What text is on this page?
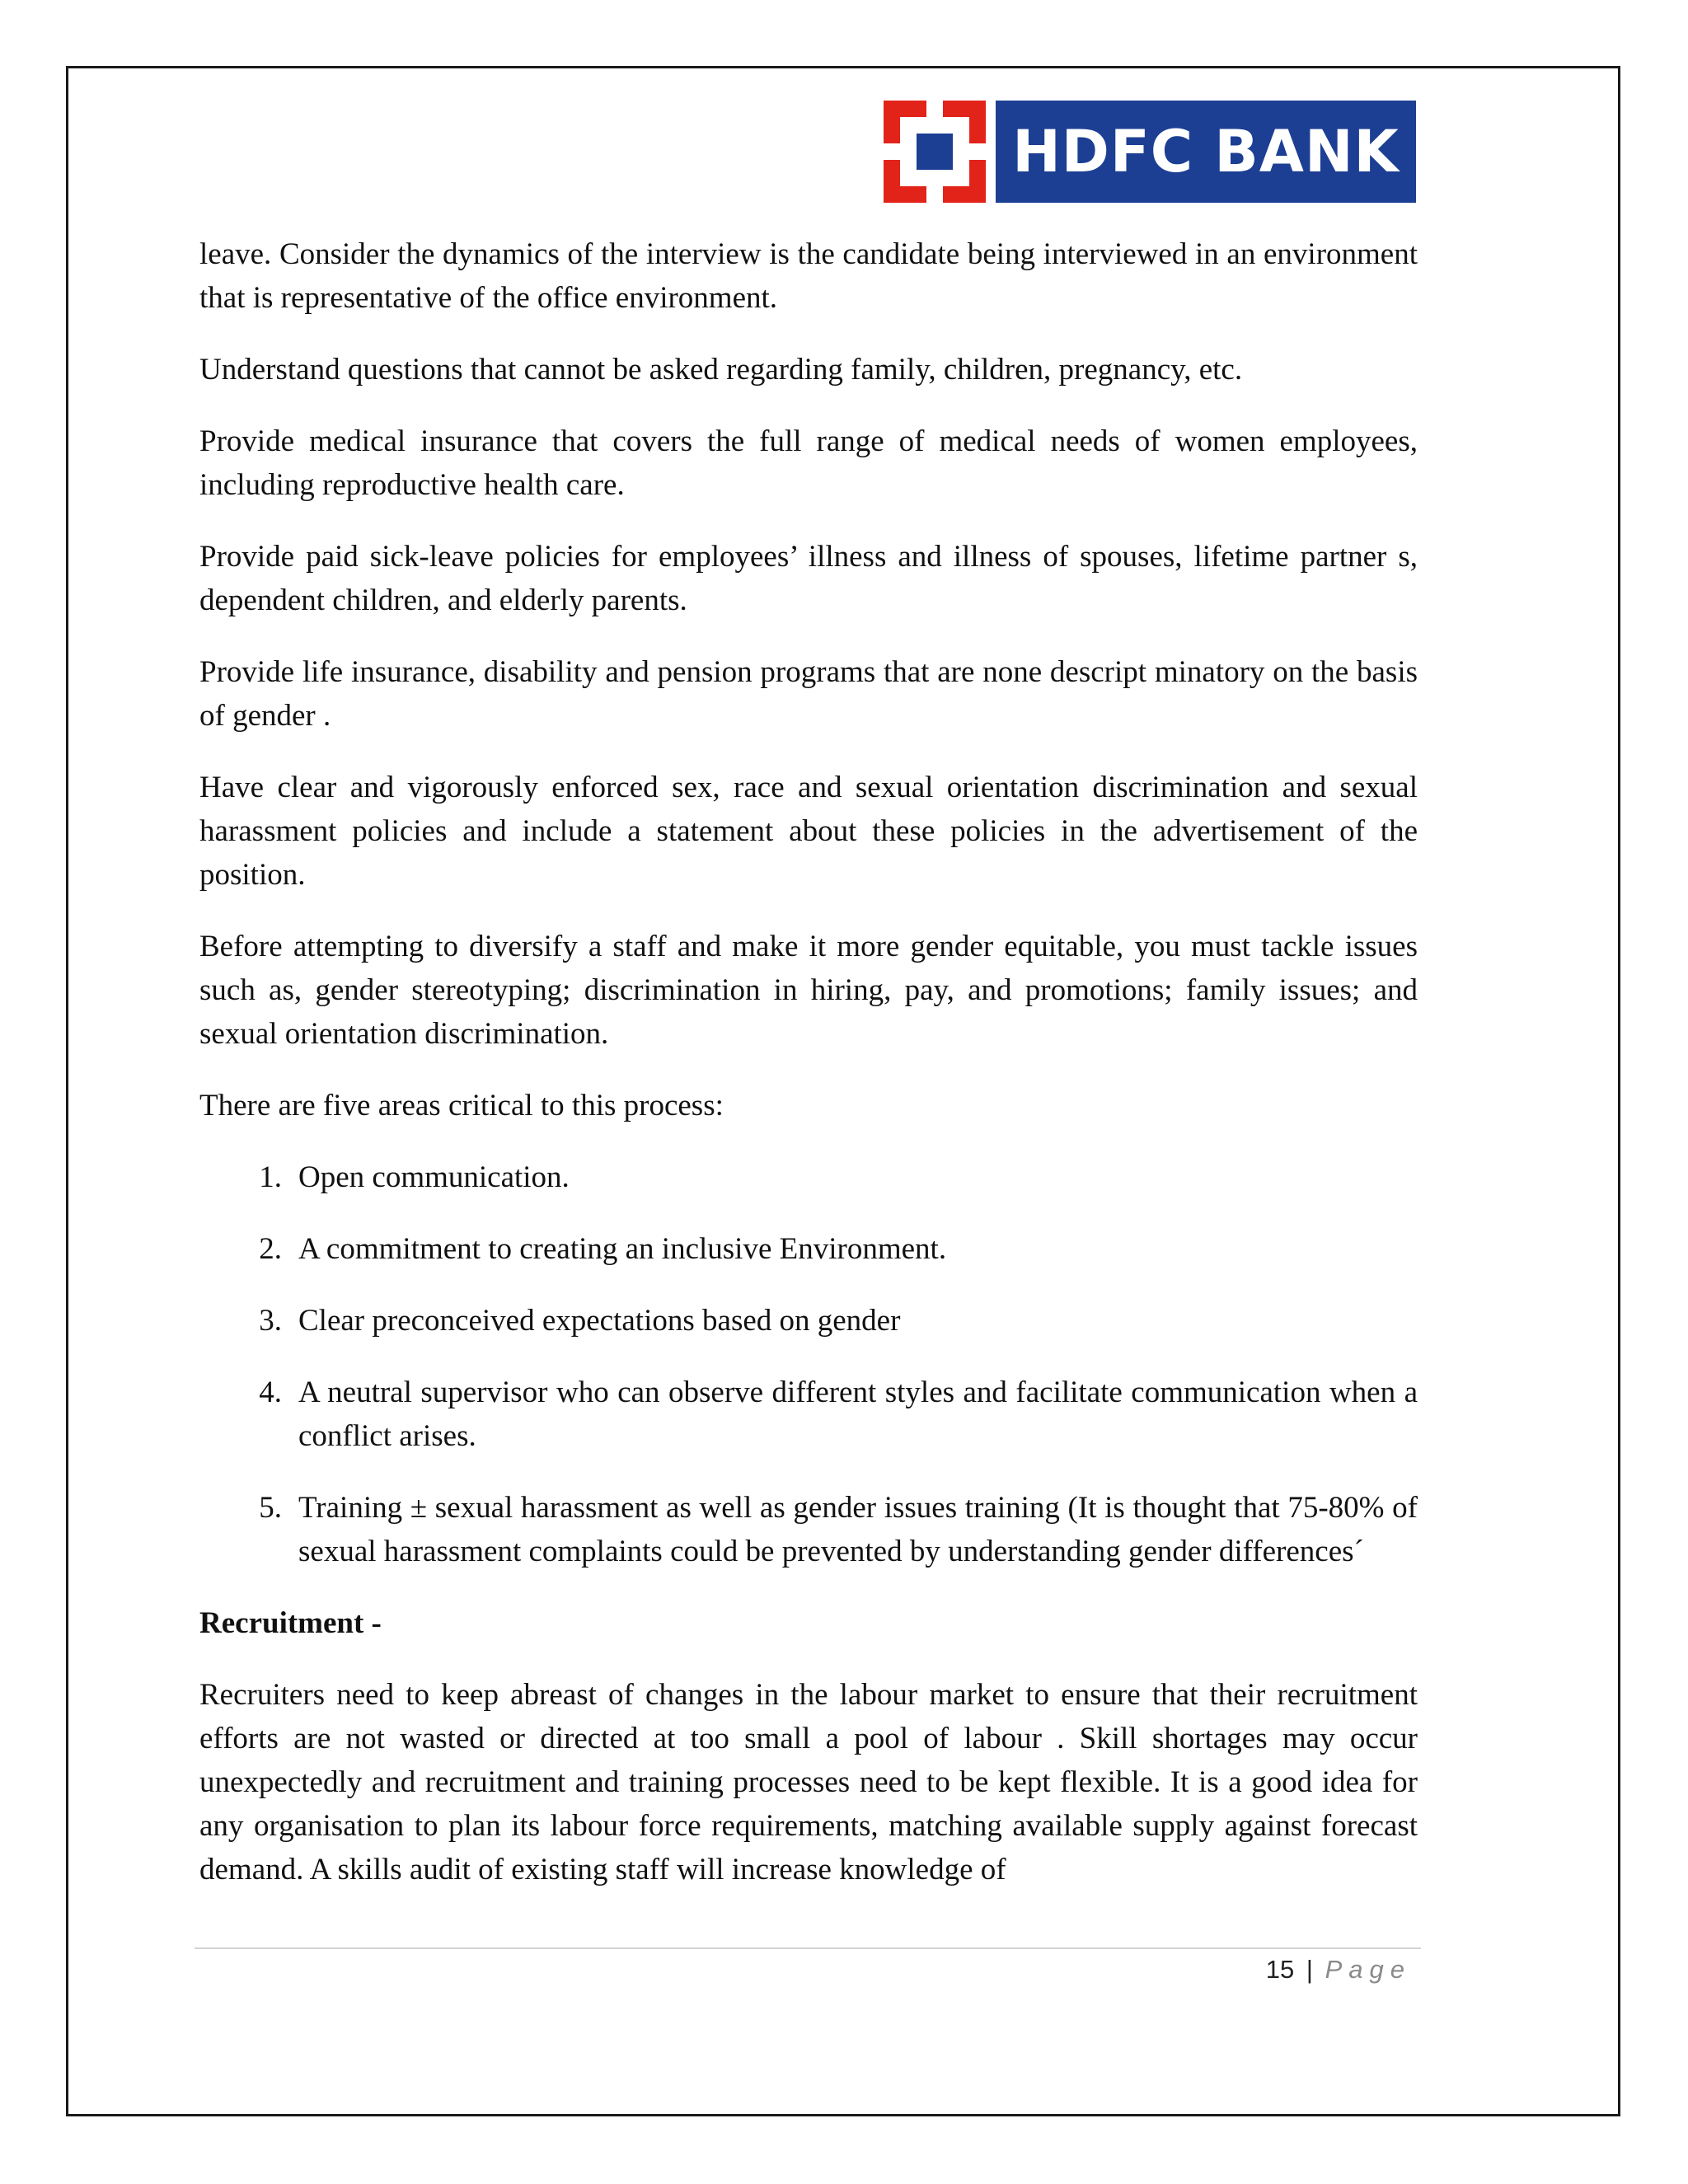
HDFC BANK

leave. Consider the dynamics of the interview is the candidate being interviewed in an environment that is representative of the office environment.

Understand questions that cannot be asked regarding family, children, pregnancy, etc.

Provide medical insurance that covers the full range of medical needs of women employees, including reproductive health care.

Provide paid sick-leave policies for employees’ illness and illness of spouses, lifetime partner s, dependent children, and elderly parents.

Provide life insurance, disability and pension programs that are none descript minatory on the basis of gender .

Have clear and vigorously enforced sex, race and sexual orientation discrimination and sexual harassment policies and include a statement about these policies in the advertisement of the position.

Before attempting to diversify a staff and make it more gender equitable, you must tackle issues such as, gender stereotyping; discrimination in hiring, pay, and promotions; family issues; and sexual orientation discrimination.

There are five areas critical to this process:

1. Open communication.
2. A commitment to creating an inclusive Environment.
3. Clear preconceived expectations based on gender
4. A neutral supervisor who can observe different styles and facilitate communication when a conflict arises.
5. Training ± sexual harassment as well as gender issues training (It is thought that 75-80% of sexual harassment complaints could be prevented by understanding gender differences´

Recruitment -

Recruiters need to keep abreast of changes in the labour market to ensure that their recruitment efforts are not wasted or directed at too small a pool of labour . Skill shortages may occur unexpectedly and recruitment and training processes need to be kept flexible. It is a good idea for any organisation to plan its labour force requirements, matching available supply against forecast demand. A skills audit of existing staff will increase knowledge of

15 | Page
